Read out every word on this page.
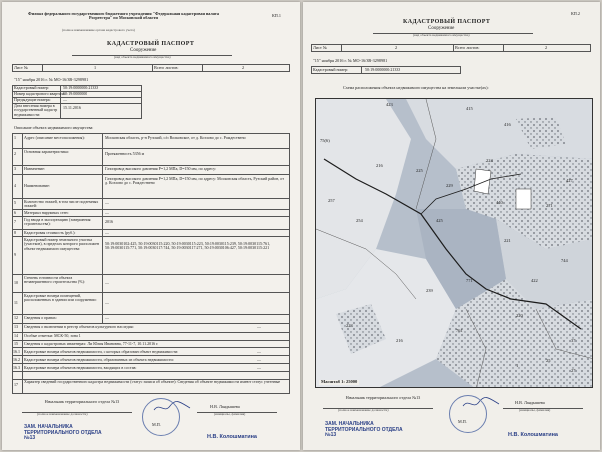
Филиал федерального государственного бюджетного учреждения "Федеральная кадастровая палата Росреестра" по Московской области
(полное наименование органа кадастрового учета)
КП.1
КАДАСТРОВЫЙ ПАСПОРТ
Сооружение
(вид объекта недвижимого имущества)
Лист №	1	Всего листов:	2
"15" ноября 2016 г. № МО-16/ЗВ-3298981
Кадастровый номер:	50:19:0000000:21333
Номер кадастрового квартала:
50:19:0000000
Предыдущие номера:	—
Дата внесения номера в государственный кадастр недвижимости:
15.11.2016
Описание объекта недвижимого имущества:
1 Адрес (описание местоположения):	Московская область, р-н Рузский, с/п Волковское, от д. Козлово до с. Рождествено
2 Основная характеристика:	Протяженность 5356 м
3 Назначение:	Газопровод высокого давления Р=1,2 МПа, D=150 мм, по адресу:
4 Наименование:
Газопровод высокого давления Р=1,2 МПа, D=150 мм, по адресу: Московская область, Рузский район, от д. Козлово до с. Рождествено
5 Количество этажей, в том числе подземных этажей:
—
6 Материал наружных стен:	—
7 Год ввода в эксплуатацию (завершения строительства):	2016
8 Кадастровая стоимость (руб.):	—
9
Кадастровый номер земельного участка (участков), в пределах которого расположен объект недвижимого имущества:
50:19:0030102:425, 50:19:0030115:220, 50:19:0030115:223, 50:19:0030115:239, 50:19:0030115:761, 50:19:0030115:771, 50:19:0030117:744, 50:19:0030117:271, 50:19:0030106:427, 50:19:0030115:221
10
Степень готовности объекта незавершенного строительства (%):	—
11
Кадастровые номера помещений, расположенных в здании или сооружении:
—
12 Сведения о правах:	—
13 Сведения о включении в реестр объектов культурного наследия:	—
14 Особые отметки: МСК-50, зона 1
15 Сведения о кадастровых инженерах: Ли Юлия Ивановна, 77-11-7, 10.11.2016 г.
16.1 Кадастровые номера объектов недвижимости, с которых образован объект недвижимости:	—
16.2 Кадастровые номера объектов недвижимости, образованных из объекта недвижимости:	—
16.3 Кадастровые номера объектов недвижимости, входящих в состав:	—
17
Характер сведений государственного кадастра недвижимости (статус записи об объекте): Сведения об объекте недвижимости имеют статус учтенные
Начальник территориального отдела №13
(полное наименование должности)
М.П.
Н.В. Ландышева
(инициалы, фамилия)
ЗАМ. НАЧАЛЬНИКА ТЕРРИТОРИАЛЬНОГО ОТДЕЛА №13	Н.В. Колошматина
КП.2
КАДАСТРОВЫЙ ПАСПОРТ
Сооружение
(вид объекта недвижимого имущества)
Лист №	2	Всего листов:	2
"15" ноября 2016 г. № МО-16/ЗВ-3298981
Кадастровый номер:	50:19:0000000:21333
Схема расположения объекта недвижимого имущества на земельном участке(ах):
75(6)
423
415
416
257
254
216
225
229
224
425
221
771
239
223
216
271
744
427
440
422
220
761
37
25
27
1
Масштаб 1: 25000
Начальник территориального отдела №13
(полное наименование должности)
М.П.
Н.В. Ландышева
(инициалы, фамилия)
ЗАМ. НАЧАЛЬНИКА ТЕРРИТОРИАЛЬНОГО ОТДЕЛА №13	Н.В. Колошматина
